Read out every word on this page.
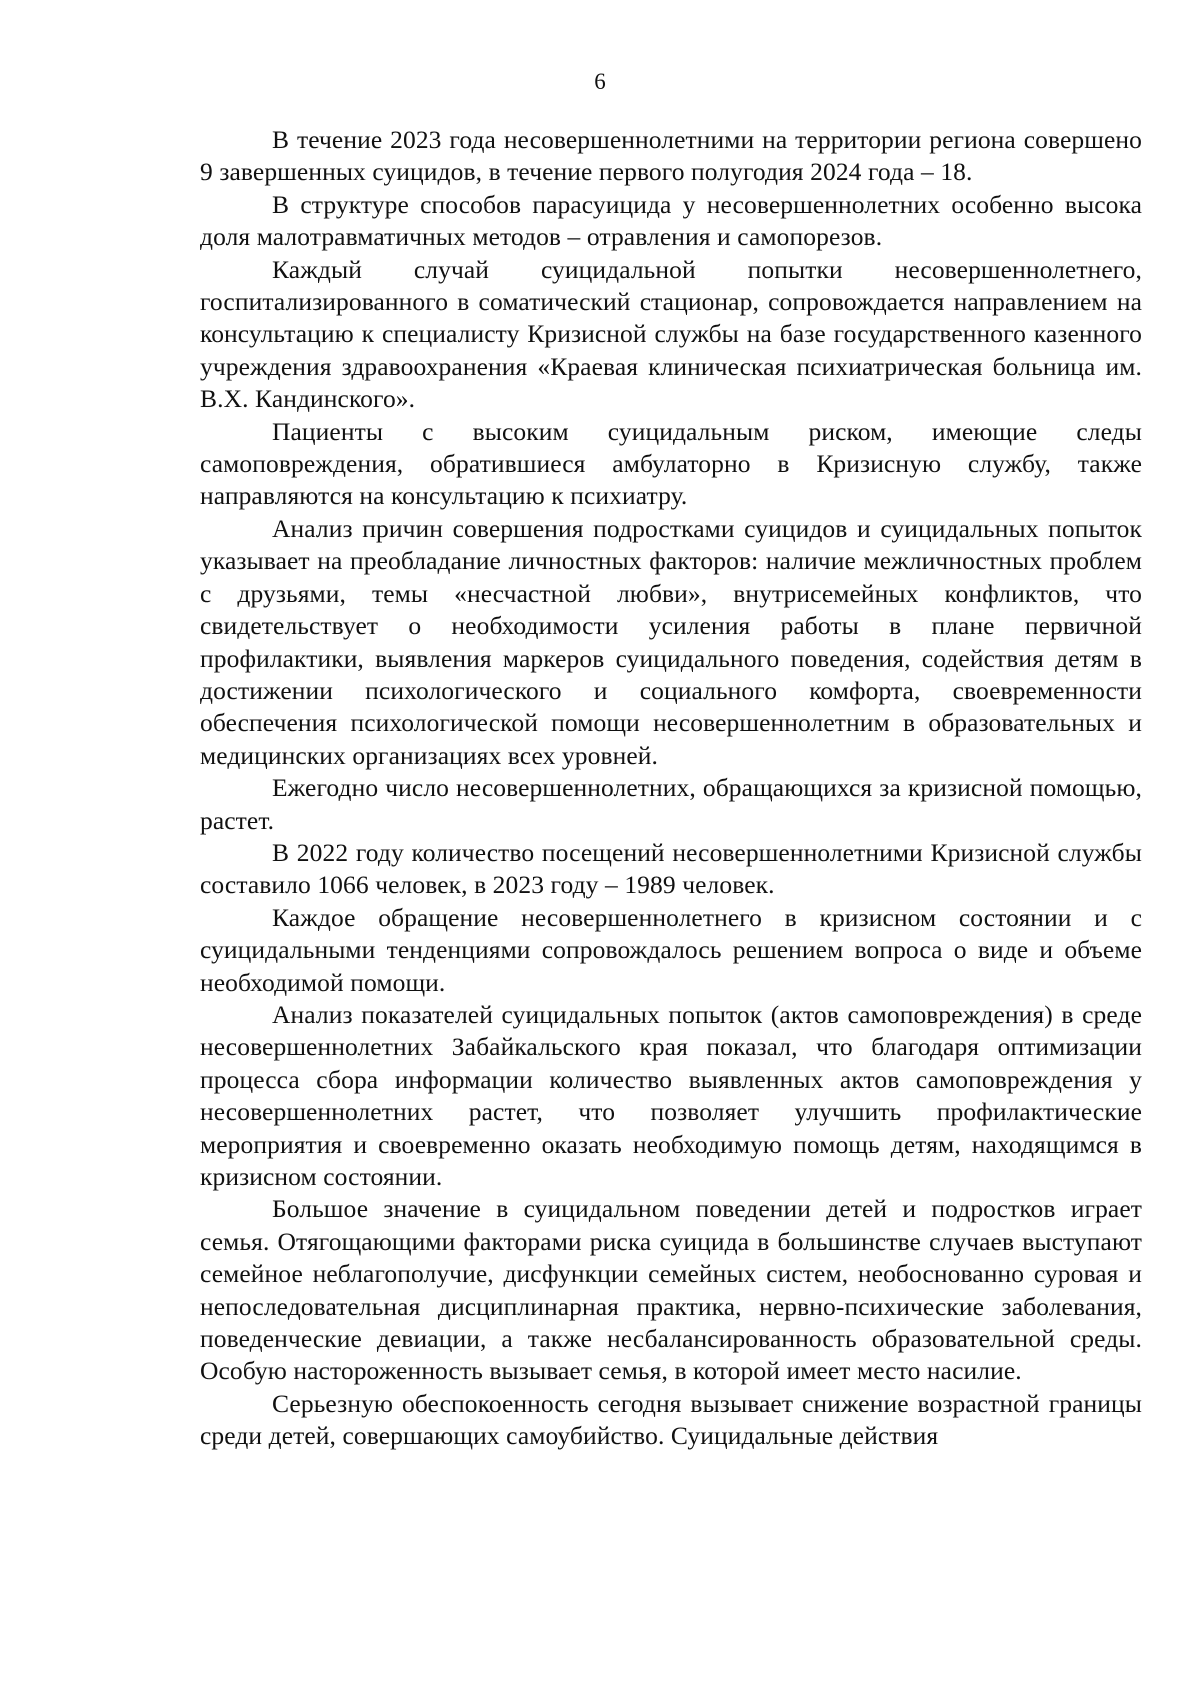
6

В течение 2023 года несовершеннолетними на территории региона совершено 9 завершенных суицидов, в течение первого полугодия 2024 года – 18.

В структуре способов парасуицида у несовершеннолетних особенно высока доля малотравматичных методов – отравления и самопорезов.

Каждый случай суицидальной попытки несовершеннолетнего, госпитализированного в соматический стационар, сопровождается направлением на консультацию к специалисту Кризисной службы на базе государственного казенного учреждения здравоохранения «Краевая клиническая психиатрическая больница им. В.Х. Кандинского».

Пациенты с высоким суицидальным риском, имеющие следы самоповреждения, обратившиеся амбулаторно в Кризисную службу, также направляются на консультацию к психиатру.

Анализ причин совершения подростками суицидов и суицидальных попыток указывает на преобладание личностных факторов: наличие межличностных проблем с друзьями, темы «несчастной любви», внутрисемейных конфликтов, что свидетельствует о необходимости усиления работы в плане первичной профилактики, выявления маркеров суицидального поведения, содействия детям в достижении психологического и социального комфорта, своевременности обеспечения психологической помощи несовершеннолетним в образовательных и медицинских организациях всех уровней.

Ежегодно число несовершеннолетних, обращающихся за кризисной помощью, растет.

В 2022 году количество посещений несовершеннолетними Кризисной службы составило 1066 человек, в 2023 году – 1989 человек.

Каждое обращение несовершеннолетнего в кризисном состоянии и с суицидальными тенденциями сопровождалось решением вопроса о виде и объеме необходимой помощи.

Анализ показателей суицидальных попыток (актов самоповреждения) в среде несовершеннолетних Забайкальского края показал, что благодаря оптимизации процесса сбора информации количество выявленных актов самоповреждения у несовершеннолетних растет, что позволяет улучшить профилактические мероприятия и своевременно оказать необходимую помощь детям, находящимся в кризисном состоянии.

Большое значение в суицидальном поведении детей и подростков играет семья. Отягощающими факторами риска суицида в большинстве случаев выступают семейное неблагополучие, дисфункции семейных систем, необоснованно суровая и непоследовательная дисциплинарная практика, нервно-психические заболевания, поведенческие девиации, а также несбалансированность образовательной среды. Особую настороженность вызывает семья, в которой имеет место насилие.

Серьезную обеспокоенность сегодня вызывает снижение возрастной границы среди детей, совершающих самоубийство. Суицидальные действия
